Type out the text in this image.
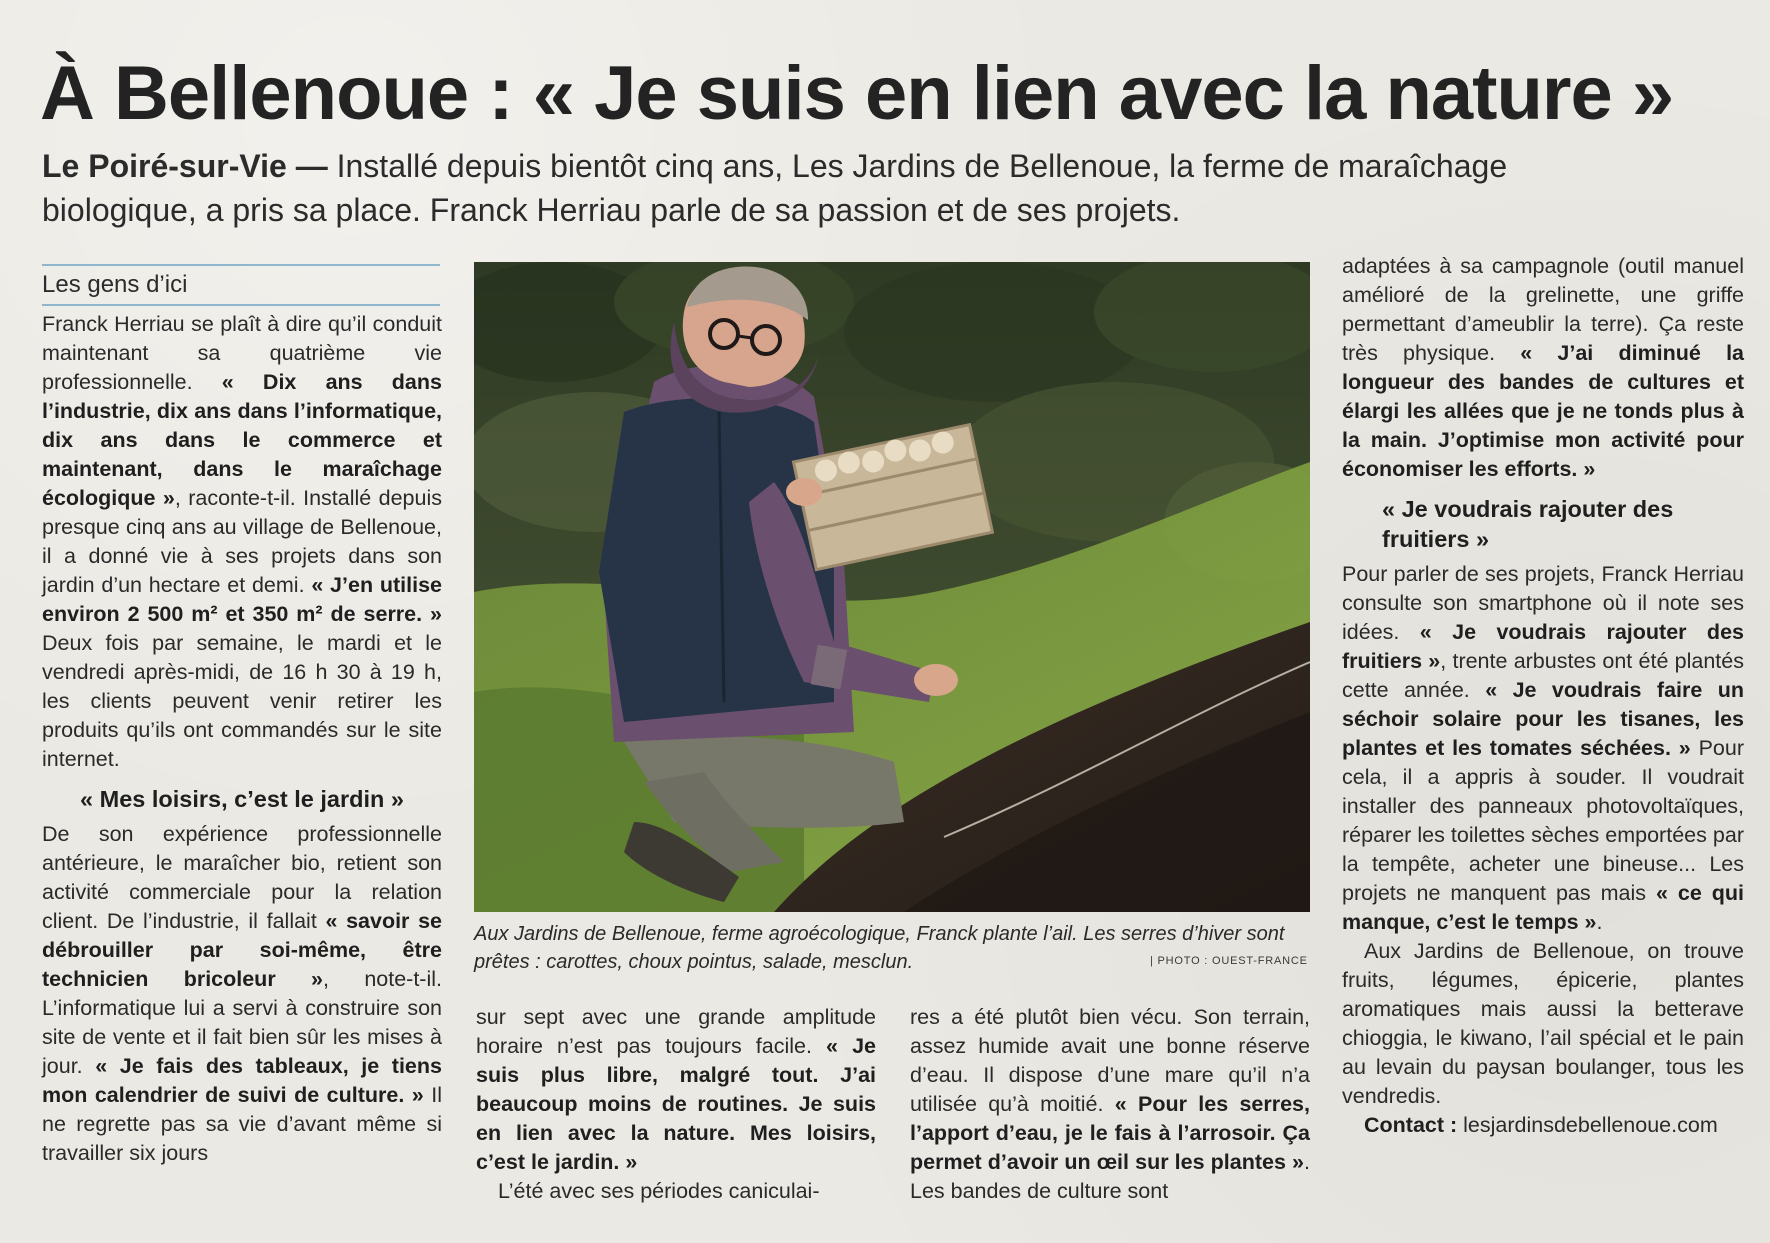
À Bellenoue : « Je suis en lien avec la nature »

Le Poiré-sur-Vie — Installé depuis bientôt cinq ans, Les Jardins de Bellenoue, la ferme de maraîchage biologique, a pris sa place. Franck Herriau parle de sa passion et de ses projets.

Les gens d’ici

Franck Herriau se plaît à dire qu’il conduit maintenant sa quatrième vie professionnelle. « Dix ans dans l’industrie, dix ans dans l’informatique, dix ans dans le commerce et maintenant, dans le maraîchage écologique », raconte-t-il. Installé depuis presque cinq ans au village de Bellenoue, il a donné vie à ses projets dans son jardin d’un hectare et demi. « J’en utilise environ 2 500 m² et 350 m² de serre. » Deux fois par semaine, le mardi et le vendredi après-midi, de 16 h 30 à 19 h, les clients peuvent venir retirer les produits qu’ils ont commandés sur le site internet.

« Mes loisirs, c’est le jardin »

De son expérience professionnelle antérieure, le maraîcher bio, retient son activité commerciale pour la relation client. De l’industrie, il fallait « savoir se débrouiller par soi-même, être technicien bricoleur », note-t-il. L’informatique lui a servi à construire son site de vente et il fait bien sûr les mises à jour. « Je fais des tableaux, je tiens mon calendrier de suivi de culture. » Il ne regrette pas sa vie d’avant même si travailler six jours

Aux Jardins de Bellenoue, ferme agroécologique, Franck plante l’ail. Les serres d’hiver sont prêtes : carottes, choux pointus, salade, mesclun.	| PHOTO : OUEST-FRANCE

sur sept avec une grande amplitude horaire n’est pas toujours facile. « Je suis plus libre, malgré tout. J’ai beaucoup moins de routines. Je suis en lien avec la nature. Mes loisirs, c’est le jardin. »

L’été avec ses périodes caniculai-

res a été plutôt bien vécu. Son terrain, assez humide avait une bonne réserve d’eau. Il dispose d’une mare qu’il n’a utilisée qu’à moitié. « Pour les serres, l’apport d’eau, je le fais à l’arrosoir. Ça permet d’avoir un œil sur les plantes ». Les bandes de culture sont

adaptées à sa campagnole (outil manuel amélioré de la grelinette, une griffe permettant d’ameublir la terre). Ça reste très physique. « J’ai diminué la longueur des bandes de cultures et élargi les allées que je ne tonds plus à la main. J’optimise mon activité pour économiser les efforts. »

« Je voudrais rajouter des fruitiers »

Pour parler de ses projets, Franck Herriau consulte son smartphone où il note ses idées. « Je voudrais rajouter des fruitiers », trente arbustes ont été plantés cette année. « Je voudrais faire un séchoir solaire pour les tisanes, les plantes et les tomates séchées. » Pour cela, il a appris à souder. Il voudrait installer des panneaux photovoltaïques, réparer les toilettes sèches emportées par la tempête, acheter une bineuse... Les projets ne manquent pas mais « ce qui manque, c’est le temps ».

Aux Jardins de Bellenoue, on trouve fruits, légumes, épicerie, plantes aromatiques mais aussi la betterave chioggia, le kiwano, l’ail spécial et le pain au levain du paysan boulanger, tous les vendredis.

Contact : lesjardinsdebellenoue.com
